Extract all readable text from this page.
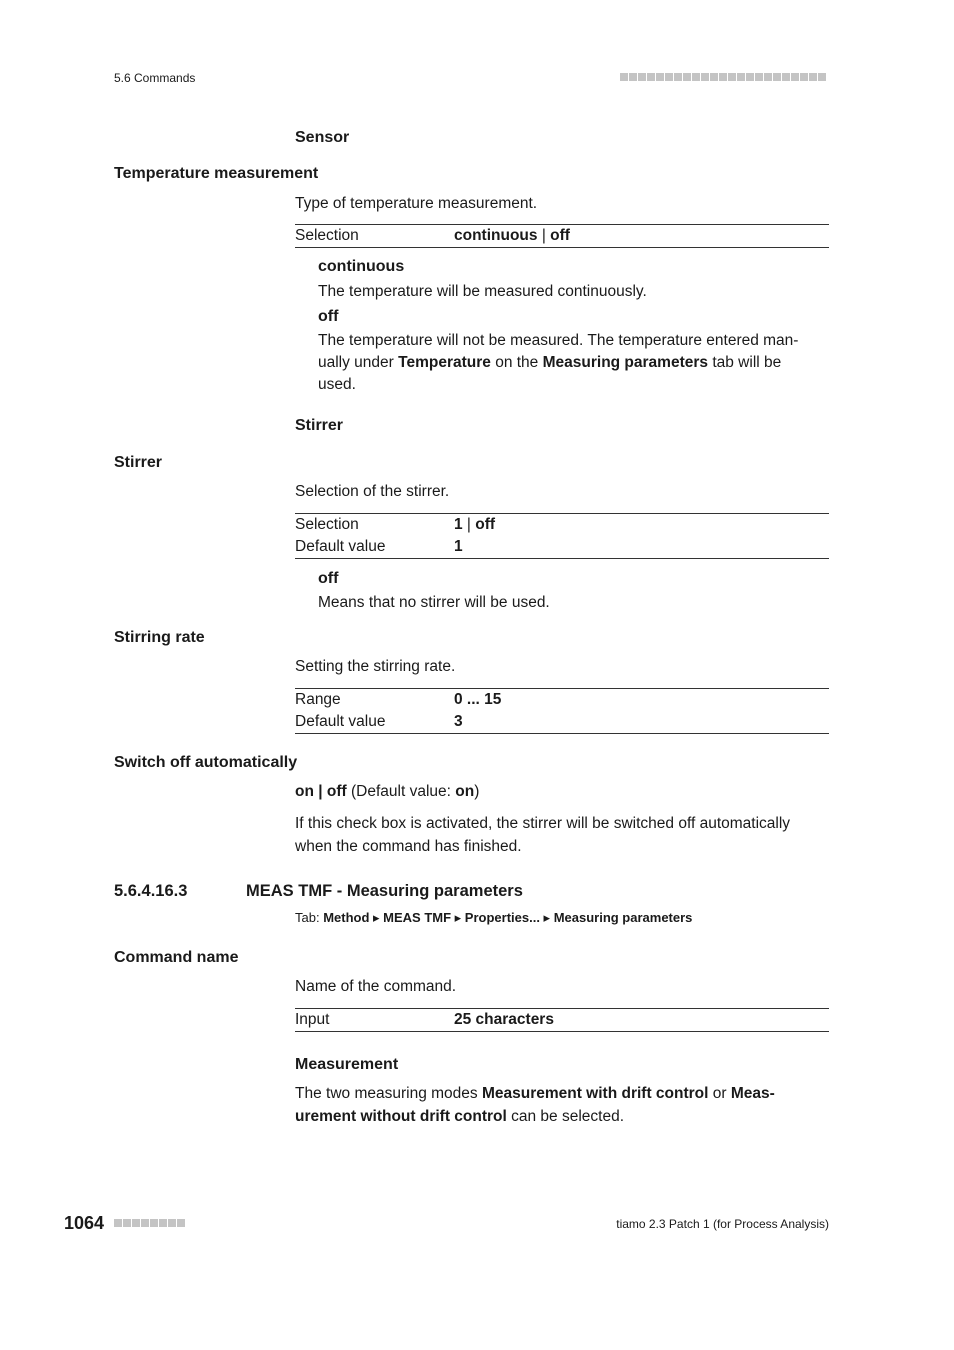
5.6 Commands
Sensor
Temperature measurement
Type of temperature measurement.
Selection	continuous | off
continuous
The temperature will be measured continuously.
off
The temperature will not be measured. The temperature entered man-
ually under Temperature on the Measuring parameters tab will be
used.
Stirrer
Stirrer
Selection of the stirrer.
Selection	1 | off
Default value	1
off
Means that no stirrer will be used.
Stirring rate
Setting the stirring rate.
Range	0 ... 15
Default value	3
Switch off automatically
on | off (Default value: on)
If this check box is activated, the stirrer will be switched off automatically
when the command has finished.
5.6.4.16.3	MEAS TMF - Measuring parameters
Tab: Method ▸ MEAS TMF ▸ Properties... ▸ Measuring parameters
Command name
Name of the command.
Input	25 characters
Measurement
The two measuring modes Measurement with drift control or Meas-
urement without drift control can be selected.
1064	tiamo 2.3 Patch 1 (for Process Analysis)
